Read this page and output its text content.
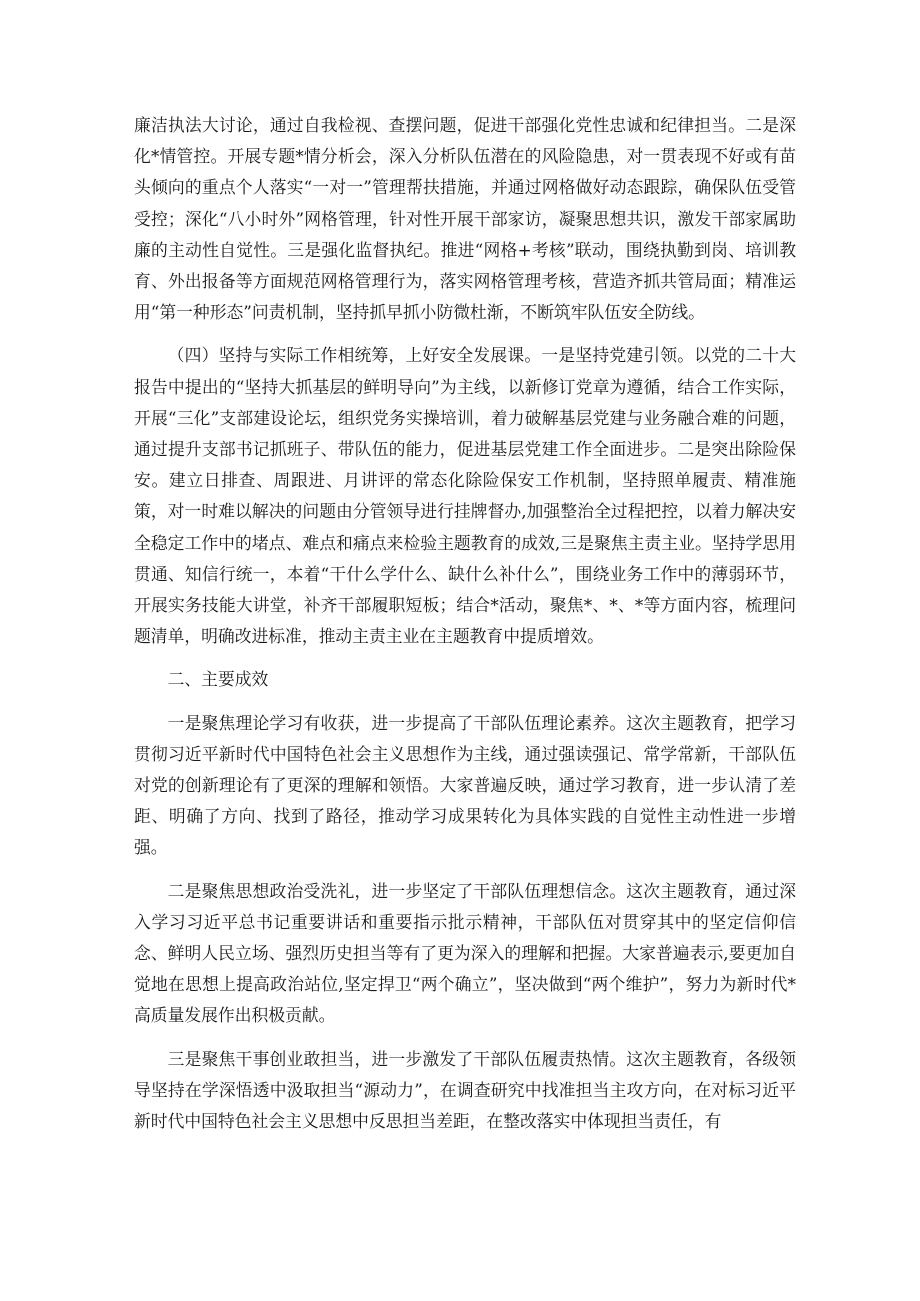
廉洁执法大讨论，通过自我检视、查摆问题，促进干部强化党性忠诚和纪律担当。二是深化*情管控。开展专题*情分析会，深入分析队伍潜在的风险隐患，对一贯表现不好或有苗头倾向的重点个人落实“一对一”管理帮扶措施，并通过网格做好动态跟踪，确保队伍受管受控；深化“八小时外”网格管理，针对性开展干部家访，凝聚思想共识，激发干部家属助廉的主动性自觉性。三是强化监督执纪。推进“网格+考核”联动，围绕执勤到岗、培训教育、外出报备等方面规范网格管理行为，落实网格管理考核，营造齐抓共管局面；精准运用“第一种形态”问责机制，坚持抓早抓小防微杜渐，不断筑牢队伍安全防线。

（四）坚持与实际工作相统筹，上好安全发展课。一是坚持党建引领。以党的二十大报告中提出的“坚持大抓基层的鲜明导向”为主线，以新修订党章为遵循，结合工作实际，开展“三化”支部建设论坛，组织党务实操培训，着力破解基层党建与业务融合难的问题，通过提升支部书记抓班子、带队伍的能力，促进基层党建工作全面进步。二是突出除险保安。建立日排查、周跟进、月讲评的常态化除险保安工作机制，坚持照单履责、精准施策，对一时难以解决的问题由分管领导进行挂牌督办,加强整治全过程把控，以着力解决安全稳定工作中的堵点、难点和痛点来检验主题教育的成效,三是聚焦主责主业。坚持学思用贯通、知信行统一，本着“干什么学什么、缺什么补什么”，围绕业务工作中的薄弱环节，开展实务技能大讲堂，补齐干部履职短板；结合*活动，聚焦*、*、*等方面内容，梳理问题清单，明确改进标准，推动主责主业在主题教育中提质增效。

二、主要成效

一是聚焦理论学习有收获，进一步提高了干部队伍理论素养。这次主题教育，把学习贯彻习近平新时代中国特色社会主义思想作为主线，通过强读强记、常学常新，干部队伍对党的创新理论有了更深的理解和领悟。大家普遍反映，通过学习教育，进一步认清了差距、明确了方向、找到了路径，推动学习成果转化为具体实践的自觉性主动性进一步增强。

二是聚焦思想政治受洗礼，进一步坚定了干部队伍理想信念。这次主题教育，通过深入学习习近平总书记重要讲话和重要指示批示精神，干部队伍对贯穿其中的坚定信仰信念、鲜明人民立场、强烈历史担当等有了更为深入的理解和把握。大家普遍表示,要更加自觉地在思想上提高政治站位,坚定捍卫“两个确立”，坚决做到“两个维护”，努力为新时代*高质量发展作出积极贡献。

三是聚焦干事创业敢担当，进一步激发了干部队伍履责热情。这次主题教育，各级领导坚持在学深悟透中汲取担当“源动力”，在调查研究中找准担当主攻方向，在对标习近平新时代中国特色社会主义思想中反思担当差距，在整改落实中体现担当责任，有
